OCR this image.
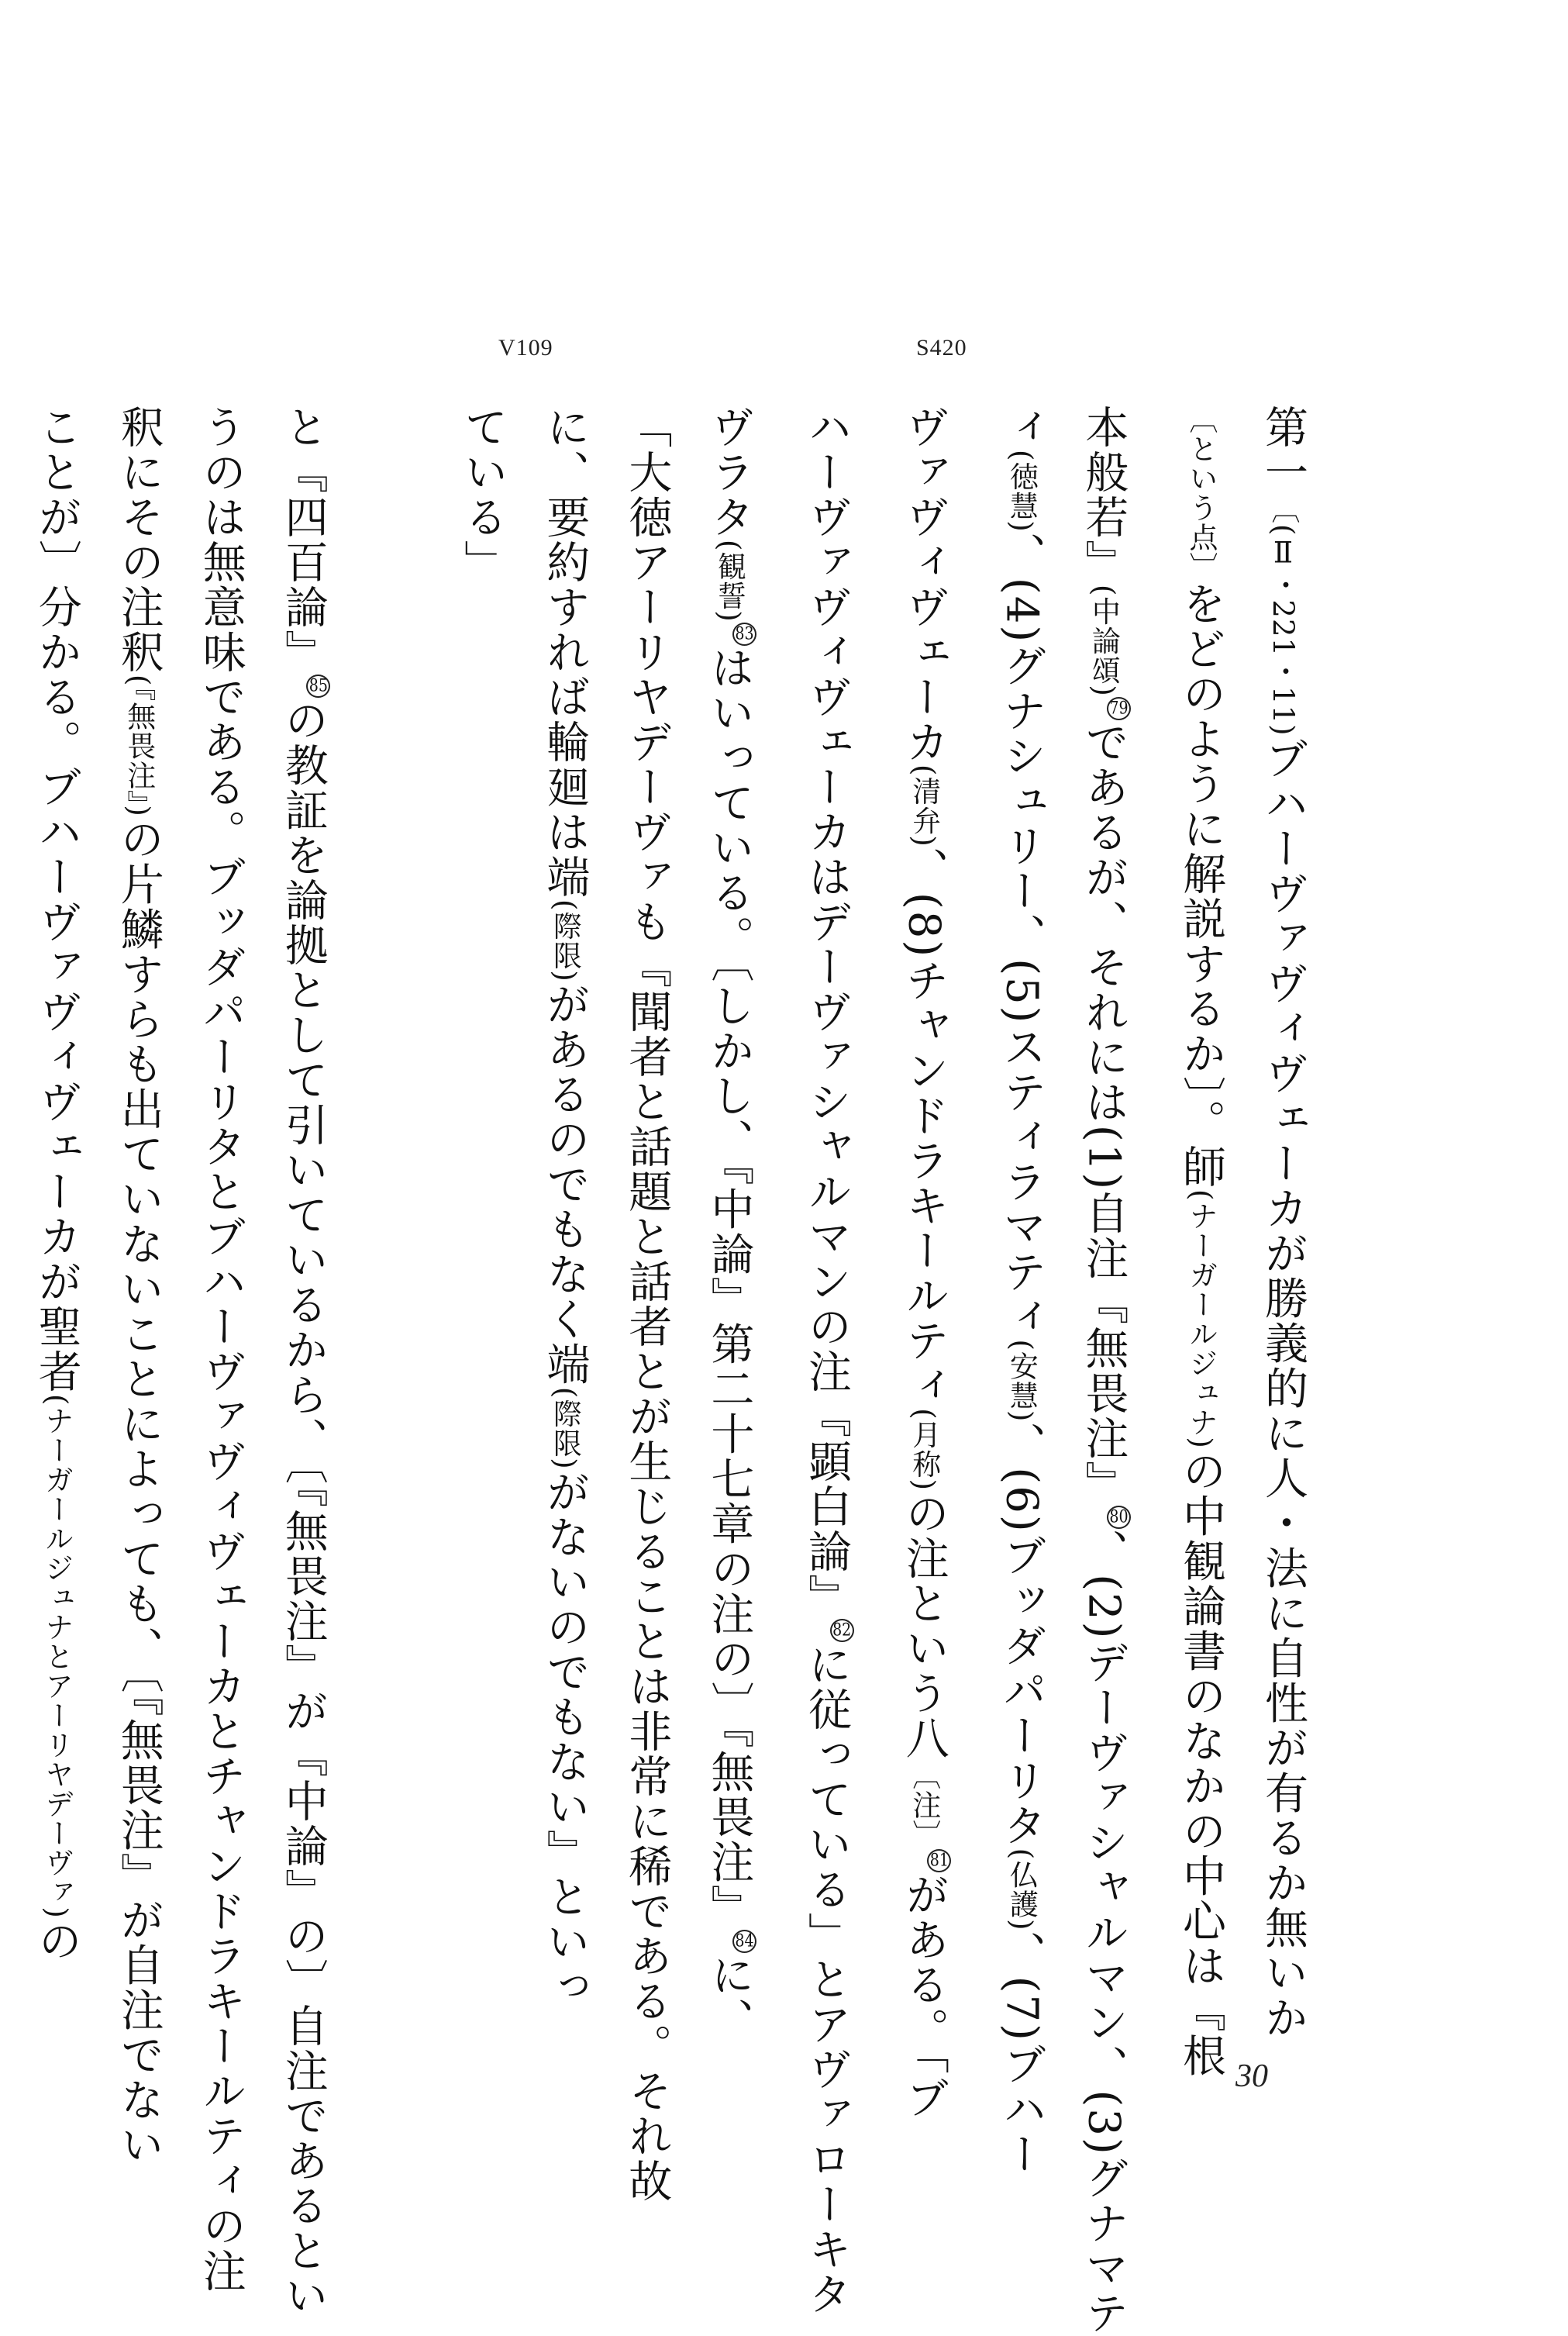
V109	S420
第一〔(Ⅱ・221・11)ブハーヴァヴィヴェーカが勝義的に人・法に自性が有るか無いか
〔という点〕をどのように解説するか〕。師(ナーガールジュナ)の中観論書のなかの中心は『根
本般若』(中論頌)$^{79}$であるが、それには(1)自注『無畏注』$^{80}$、(2)デーヴァシャルマン、(3)グナマテ
ィ(徳慧)、(4)グナシュリー、(5)スティラマティ(安慧)、(6)ブッダパーリタ(仏護)、(7)ブハー
ヴァヴィヴェーカ(清弁)、(8)チャンドラキールティ(月称)の注という八〔注〕$^{81}$がある。「ブ
ハーヴァヴィヴェーカはデーヴァシャルマンの注『顕白論』$^{82}$に従っている」とアヴァローキタ
ヴラタ(観誓)$^{83}$はいっている。〔しかし、『中論』第二十七章の注の〕『無畏注』$^{84}$に、
「大徳アーリヤデーヴァも『聞者と話題と話者とが生じることは非常に稀である。それ故
に、要約すれば輪廻は端(際限)があるのでもなく端(際限)がないのでもない』といっ
ている」
と『四百論』$^{85}$の教証を論拠として引いているから、〔『無畏注』が『中論』の〕自注であるとい
うのは無意味である。ブッダパーリタとブハーヴァヴィヴェーカとチャンドラキールティの注
釈にその注釈(『無畏注』)の片鱗すらも出ていないことによっても、〔『無畏注』が自注でない
ことが〕分かる。ブハーヴァヴィヴェーカが聖者(ナーガールジュナとアーリヤデーヴァ)の
30
